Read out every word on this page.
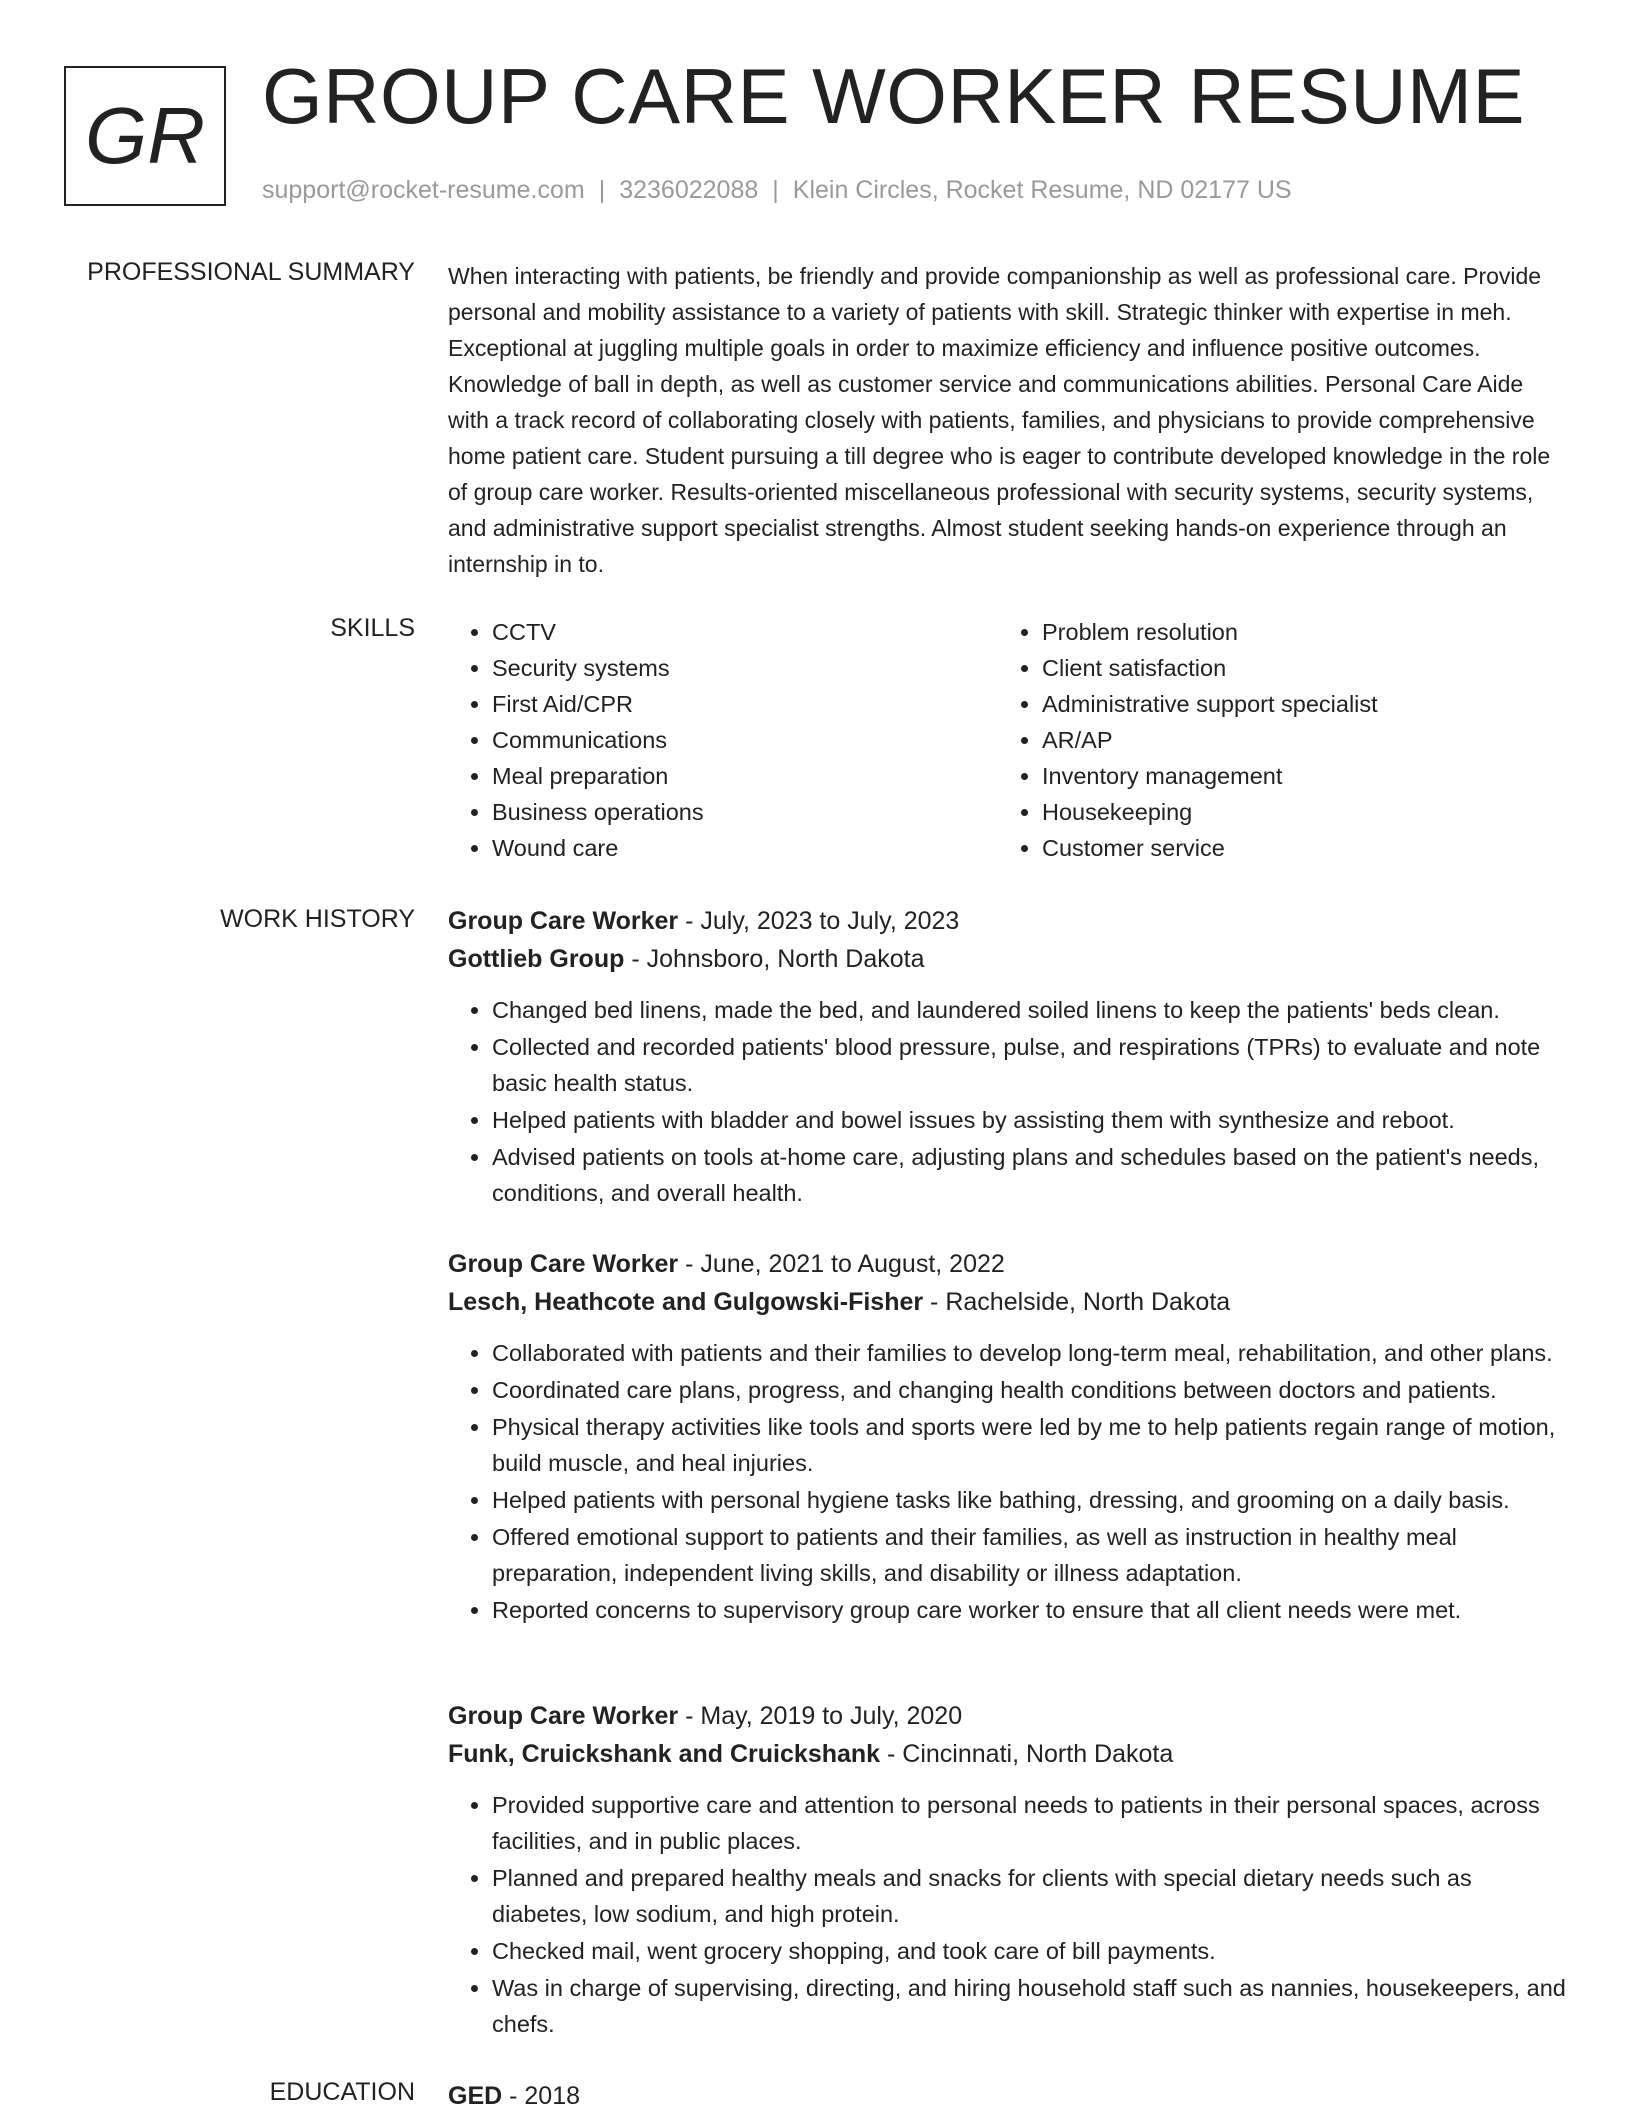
GR GROUP CARE WORKER RESUME
support@rocket-resume.com | 3236022088 | Klein Circles, Rocket Resume, ND 02177 US
PROFESSIONAL SUMMARY When interacting with patients, be friendly and provide companionship as well as professional care. Provide personal and mobility assistance to a variety of patients with skill. Strategic thinker with expertise in meh. Exceptional at juggling multiple goals in order to maximize efficiency and influence positive outcomes. Knowledge of ball in depth, as well as customer service and communications abilities. Personal Care Aide with a track record of collaborating closely with patients, families, and physicians to provide comprehensive home patient care. Student pursuing a till degree who is eager to contribute developed knowledge in the role of group care worker. Results-oriented miscellaneous professional with security systems, security systems, and administrative support specialist strengths. Almost student seeking hands-on experience through an internship in to.
SKILLS
•	CCTV
• Security systems
• First Aid/CPR
• Communications
• Meal preparation
• Business operations
• Wound care
• Problem resolution
• Client satisfaction
• Administrative support specialist
• AR/AP
• Inventory management
• Housekeeping
• Customer service
WORK HISTORY Group Care Worker - July, 2023 to July, 2023
Gottlieb Group - Johnsboro, North Dakota
• Changed bed linens, made the bed, and laundered soiled linens to keep the patients' beds clean.
• Collected and recorded patients' blood pressure, pulse, and respirations (TPRs) to evaluate and note basic health status.
• Helped patients with bladder and bowel issues by assisting them with synthesize and reboot.
• Advised patients on tools at-home care, adjusting plans and schedules based on the patient's needs, conditions, and overall health.
Group Care Worker - June, 2021 to August, 2022
Lesch, Heathcote and Gulgowski-Fisher - Rachelside, North Dakota
• Collaborated with patients and their families to develop long-term meal, rehabilitation, and other plans.
• Coordinated care plans, progress, and changing health conditions between doctors and patients.
• Physical therapy activities like tools and sports were led by me to help patients regain range of motion, build muscle, and heal injuries.
• Helped patients with personal hygiene tasks like bathing, dressing, and grooming on a daily basis.
• Offered emotional support to patients and their families, as well as instruction in healthy meal preparation, independent living skills, and disability or illness adaptation.
• Reported concerns to supervisory group care worker to ensure that all client needs were met.
Group Care Worker - May, 2019 to July, 2020
Funk, Cruickshank and Cruickshank - Cincinnati, North Dakota
• Provided supportive care and attention to personal needs to patients in their personal spaces, across facilities, and in public places.
• Planned and prepared healthy meals and snacks for clients with special dietary needs such as diabetes, low sodium, and high protein.
• Checked mail, went grocery shopping, and took care of bill payments.
• Was in charge of supervising, directing, and hiring household staff such as nannies, housekeepers, and chefs.
EDUCATION GED - 2018
